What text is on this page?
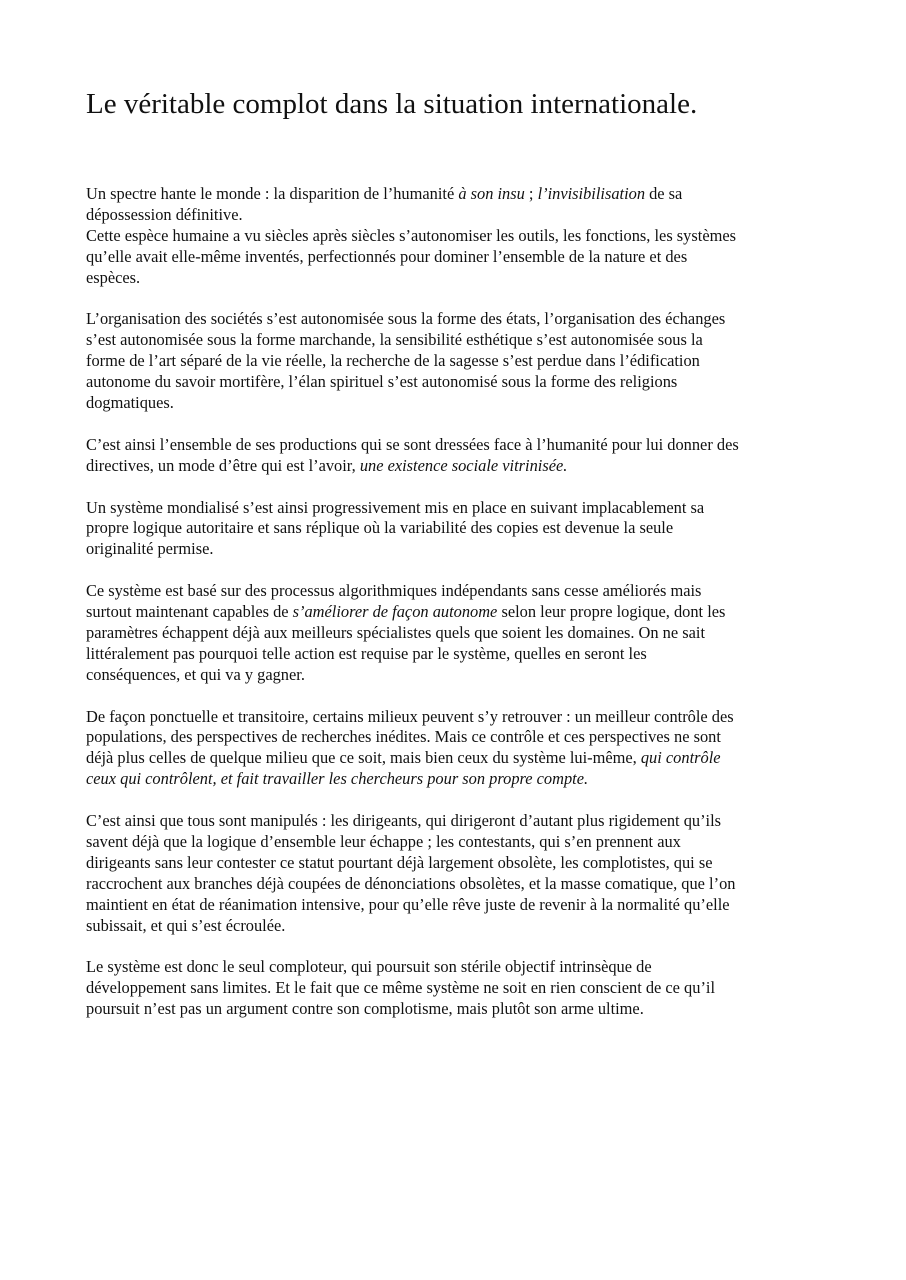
Le véritable complot dans la situation internationale.

Un spectre hante le monde : la disparition de l’humanité à son insu ; l’invisibilisation de sa
dépossession définitive.
Cette espèce humaine a vu siècles après siècles s’autonomiser les outils, les fonctions, les systèmes
qu’elle avait elle-même inventés, perfectionnés pour dominer l’ensemble de la nature et des
espèces.

L’organisation des sociétés s’est autonomisée sous la forme des états, l’organisation des échanges
s’est autonomisée sous la forme marchande, la sensibilité esthétique s’est autonomisée sous la
forme de l’art séparé de la vie réelle, la recherche de la sagesse s’est perdue dans l’édification
autonome du savoir mortifère, l’élan spirituel s’est autonomisé sous la forme des religions
dogmatiques.

C’est ainsi l’ensemble de ses productions qui se sont dressées face à l’humanité pour lui donner des
directives, un mode d’être qui est l’avoir, une existence sociale vitrinisée.

Un système mondialisé s’est ainsi progressivement mis en place en suivant implacablement sa
propre logique autoritaire et sans réplique où la variabilité des copies est devenue la seule
originalité permise.

Ce système est basé sur des processus algorithmiques indépendants sans cesse améliorés mais
surtout maintenant capables de s’améliorer de façon autonome selon leur propre logique, dont les
paramètres échappent déjà aux meilleurs spécialistes quels que soient les domaines. On ne sait
littéralement pas pourquoi telle action est requise par le système, quelles en seront les
conséquences, et qui va y gagner.

De façon ponctuelle et transitoire, certains milieux peuvent s’y retrouver : un meilleur contrôle des
populations, des perspectives de recherches inédites. Mais ce contrôle et ces perspectives ne sont
déjà plus celles de quelque milieu que ce soit, mais bien ceux du système lui-même, qui contrôle
ceux qui contrôlent, et fait travailler les chercheurs pour son propre compte.

C’est ainsi que tous sont manipulés : les dirigeants, qui dirigeront d’autant plus rigidement qu’ils
savent déjà que la logique d’ensemble leur échappe ; les contestants, qui s’en prennent aux
dirigeants sans leur contester ce statut pourtant déjà largement obsolète, les complotistes, qui se
raccrochent aux branches déjà coupées de dénonciations obsolètes, et la masse comatique, que l’on
maintient en état de réanimation intensive, pour qu’elle rêve juste de revenir à la normalité qu’elle
subissait, et qui s’est écroulée.

Le système est donc le seul comploteur, qui poursuit son stérile objectif intrinsèque de
développement sans limites. Et le fait que ce même système ne soit en rien conscient de ce qu’il
poursuit n’est pas un argument contre son complotisme, mais plutôt son arme ultime.
